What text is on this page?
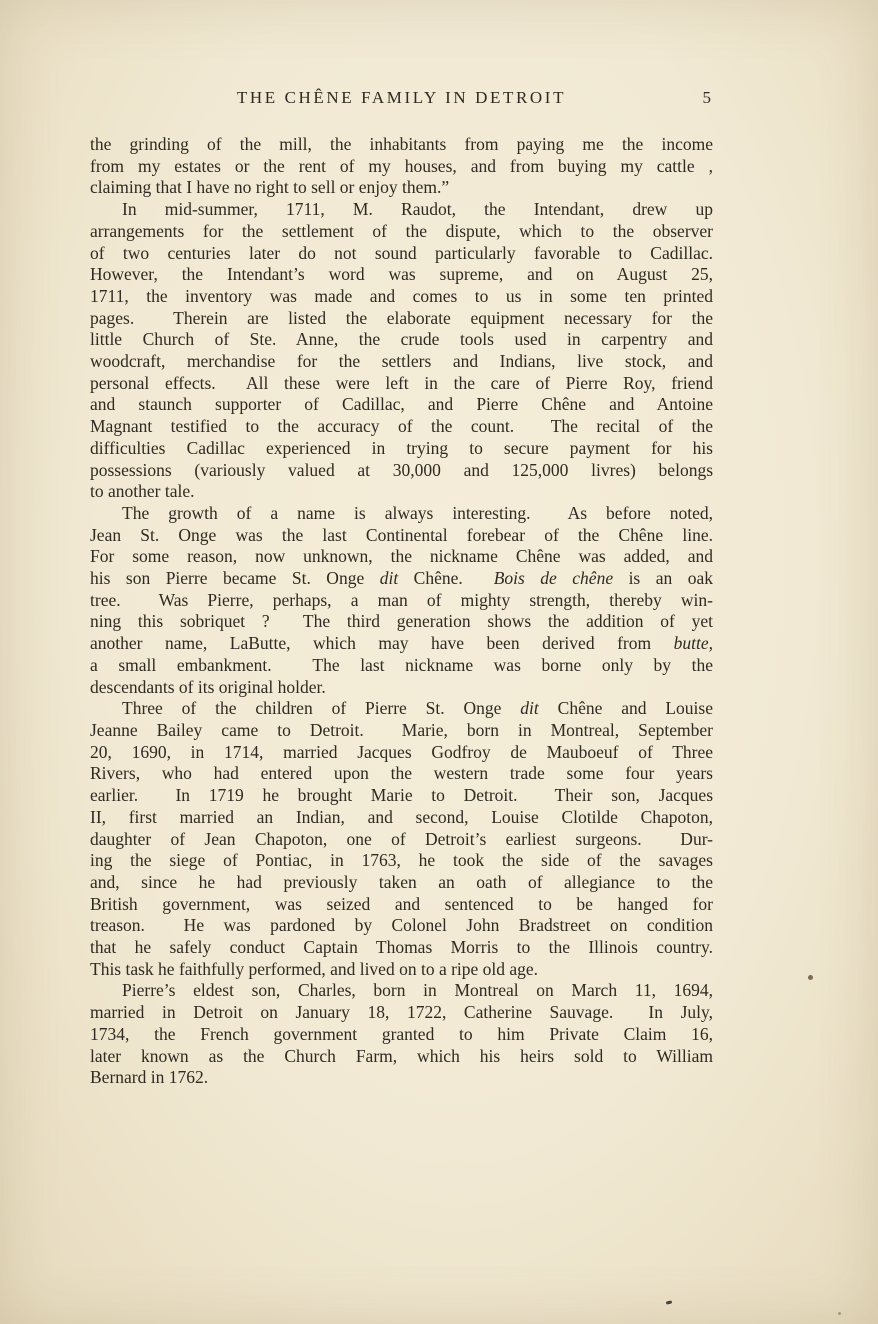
THE CHÊNE FAMILY IN DETROIT	5
the grinding of the mill, the inhabitants from paying me the income
from my estates or the rent of my houses, and from buying my cattle ,
claiming that I have no right to sell or enjoy them.”
In mid-summer, 1711, M. Raudot, the Intendant, drew up
arrangements for the settlement of the dispute, which to the observer
of two centuries later do not sound particularly favorable to Cadillac.
However, the Intendant’s word was supreme, and on August 25,
1711, the inventory was made and comes to us in some ten printed
pages.  Therein are listed the elaborate equipment necessary for the
little Church of Ste. Anne, the crude tools used in carpentry and
woodcraft, merchandise for the settlers and Indians, live stock, and
personal effects.  All these were left in the care of Pierre Roy, friend
and staunch supporter of Cadillac, and Pierre Chêne and Antoine
Magnant testified to the accuracy of the count.  The recital of the
difficulties Cadillac experienced in trying to secure payment for his
possessions (variously valued at 30,000 and 125,000 livres) belongs
to another tale.
The growth of a name is always interesting.  As before noted,
Jean St. Onge was the last Continental forebear of the Chêne line.
For some reason, now unknown, the nickname Chêne was added, and
his son Pierre became St. Onge dit Chêne.  Bois de chêne is an oak
tree.  Was Pierre, perhaps, a man of mighty strength, thereby win-
ning this sobriquet ?  The third generation shows the addition of yet
another name, LaButte, which may have been derived from butte,
a small embankment.  The last nickname was borne only by the
descendants of its original holder.
Three of the children of Pierre St. Onge dit Chêne and Louise
Jeanne Bailey came to Detroit.  Marie, born in Montreal, September
20, 1690, in 1714, married Jacques Godfroy de Mauboeuf of Three
Rivers, who had entered upon the western trade some four years
earlier.  In 1719 he brought Marie to Detroit.  Their son, Jacques
II, first married an Indian, and second, Louise Clotilde Chapoton,
daughter of Jean Chapoton, one of Detroit’s earliest surgeons.  Dur-
ing the siege of Pontiac, in 1763, he took the side of the savages
and, since he had previously taken an oath of allegiance to the
British government, was seized and sentenced to be hanged for
treason.  He was pardoned by Colonel John Bradstreet on condition
that he safely conduct Captain Thomas Morris to the Illinois country.
This task he faithfully performed, and lived on to a ripe old age.
Pierre’s eldest son, Charles, born in Montreal on March 11, 1694,
married in Detroit on January 18, 1722, Catherine Sauvage.  In July,
1734, the French government granted to him Private Claim 16,
later known as the Church Farm, which his heirs sold to William
Bernard in 1762.
